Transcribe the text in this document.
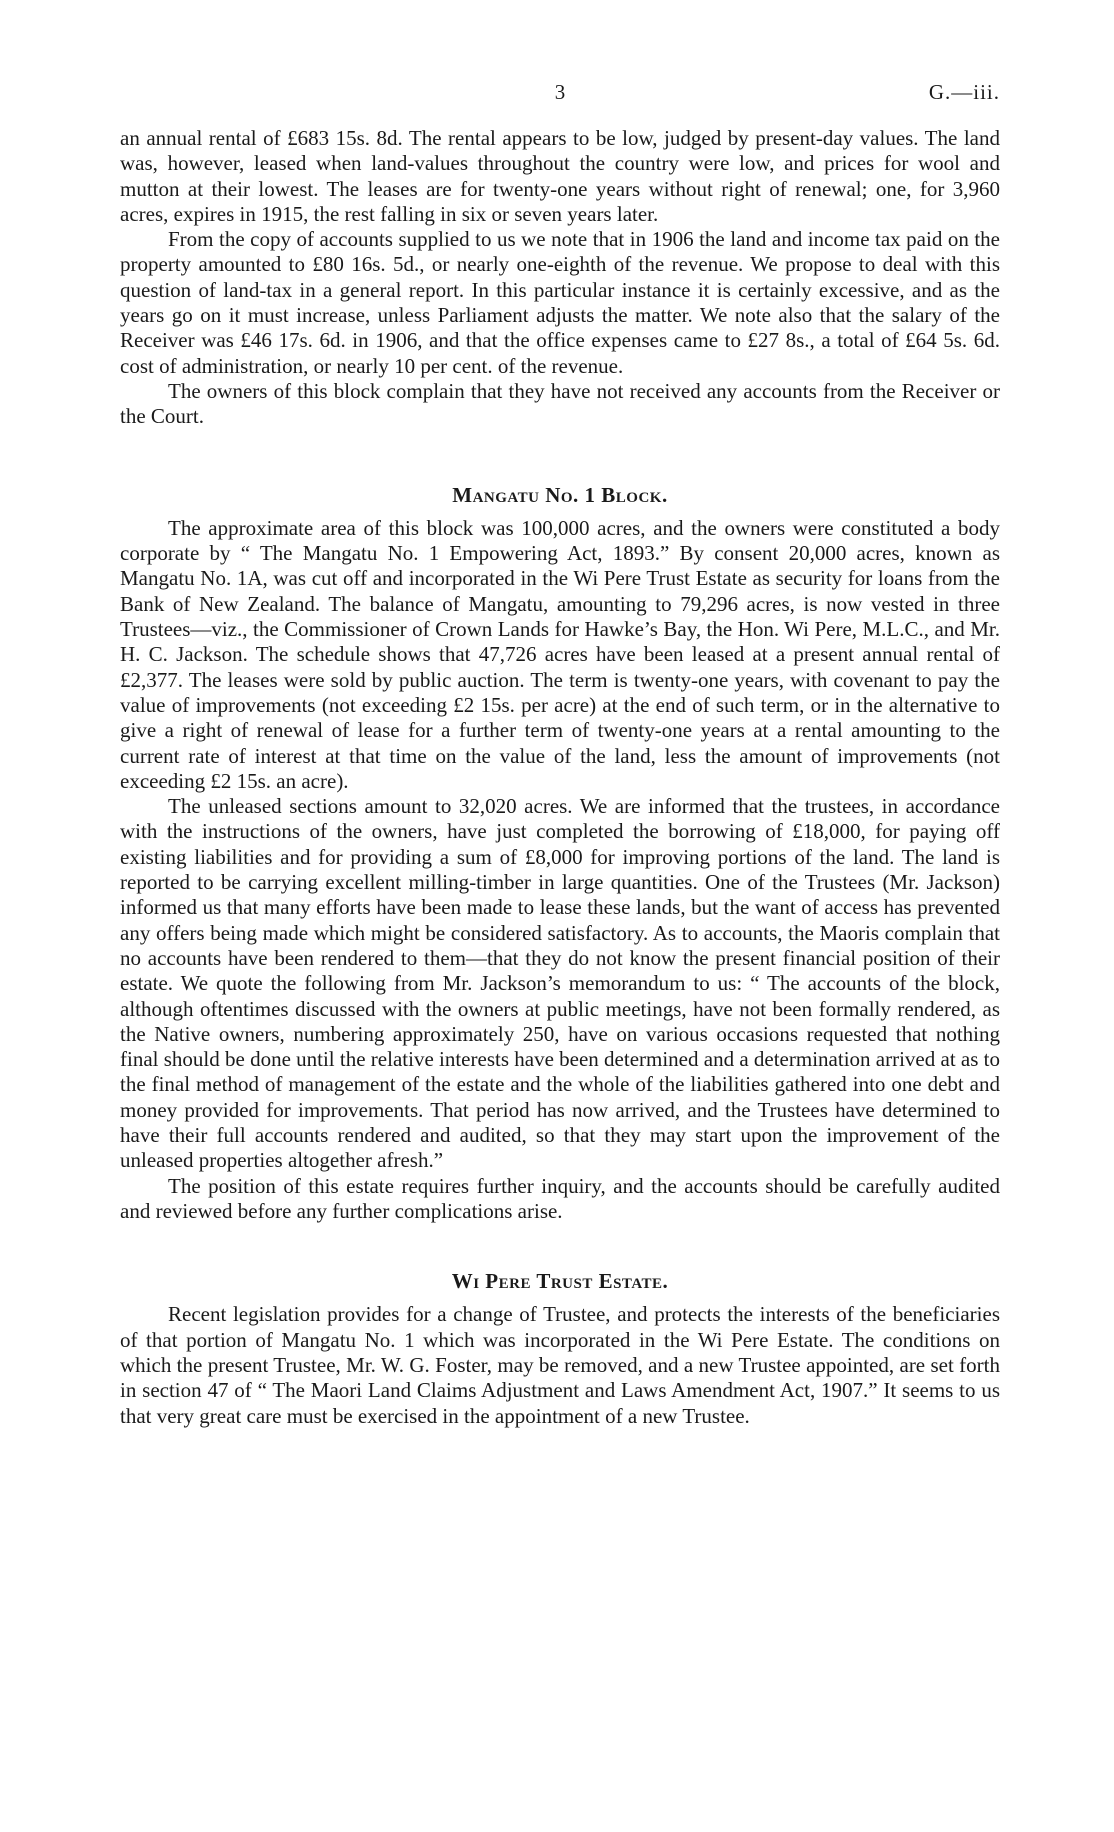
3	G.—iii.

an annual rental of £683 15s. 8d. The rental appears to be low, judged by present-day values. The land was, however, leased when land-values throughout the country were low, and prices for wool and mutton at their lowest. The leases are for twenty-one years without right of renewal; one, for 3,960 acres, expires in 1915, the rest falling in six or seven years later.

From the copy of accounts supplied to us we note that in 1906 the land and income tax paid on the property amounted to £80 16s. 5d., or nearly one-eighth of the revenue. We propose to deal with this question of land-tax in a general report. In this particular instance it is certainly excessive, and as the years go on it must increase, unless Parliament adjusts the matter. We note also that the salary of the Receiver was £46 17s. 6d. in 1906, and that the office expenses came to £27 8s., a total of £64 5s. 6d. cost of administration, or nearly 10 per cent. of the revenue.

The owners of this block complain that they have not received any accounts from the Receiver or the Court.

Mangatu No. 1 Block.

The approximate area of this block was 100,000 acres, and the owners were constituted a body corporate by “ The Mangatu No. 1 Empowering Act, 1893.” By consent 20,000 acres, known as Mangatu No. 1A, was cut off and incorporated in the Wi Pere Trust Estate as security for loans from the Bank of New Zealand. The balance of Mangatu, amounting to 79,296 acres, is now vested in three Trustees—viz., the Commissioner of Crown Lands for Hawke’s Bay, the Hon. Wi Pere, M.L.C., and Mr. H. C. Jackson. The schedule shows that 47,726 acres have been leased at a present annual rental of £2,377. The leases were sold by public auction. The term is twenty-one years, with covenant to pay the value of improvements (not exceeding £2 15s. per acre) at the end of such term, or in the alternative to give a right of renewal of lease for a further term of twenty-one years at a rental amounting to the current rate of interest at that time on the value of the land, less the amount of improvements (not exceeding £2 15s. an acre).

The unleased sections amount to 32,020 acres. We are informed that the trustees, in accordance with the instructions of the owners, have just completed the borrowing of £18,000, for paying off existing liabilities and for providing a sum of £8,000 for improving portions of the land. The land is reported to be carrying excellent milling-timber in large quantities. One of the Trustees (Mr. Jackson) informed us that many efforts have been made to lease these lands, but the want of access has prevented any offers being made which might be considered satisfactory. As to accounts, the Maoris complain that no accounts have been rendered to them—that they do not know the present financial position of their estate. We quote the following from Mr. Jackson’s memorandum to us: “ The accounts of the block, although oftentimes discussed with the owners at public meetings, have not been formally rendered, as the Native owners, numbering approximately 250, have on various occasions requested that nothing final should be done until the relative interests have been determined and a determination arrived at as to the final method of management of the estate and the whole of the liabilities gathered into one debt and money provided for improvements. That period has now arrived, and the Trustees have determined to have their full accounts rendered and audited, so that they may start upon the improvement of the unleased properties altogether afresh.”

The position of this estate requires further inquiry, and the accounts should be carefully audited and reviewed before any further complications arise.

Wi Pere Trust Estate.

Recent legislation provides for a change of Trustee, and protects the interests of the beneficiaries of that portion of Mangatu No. 1 which was incorporated in the Wi Pere Estate. The conditions on which the present Trustee, Mr. W. G. Foster, may be removed, and a new Trustee appointed, are set forth in section 47 of “ The Maori Land Claims Adjustment and Laws Amendment Act, 1907.” It seems to us that very great care must be exercised in the appointment of a new Trustee.
